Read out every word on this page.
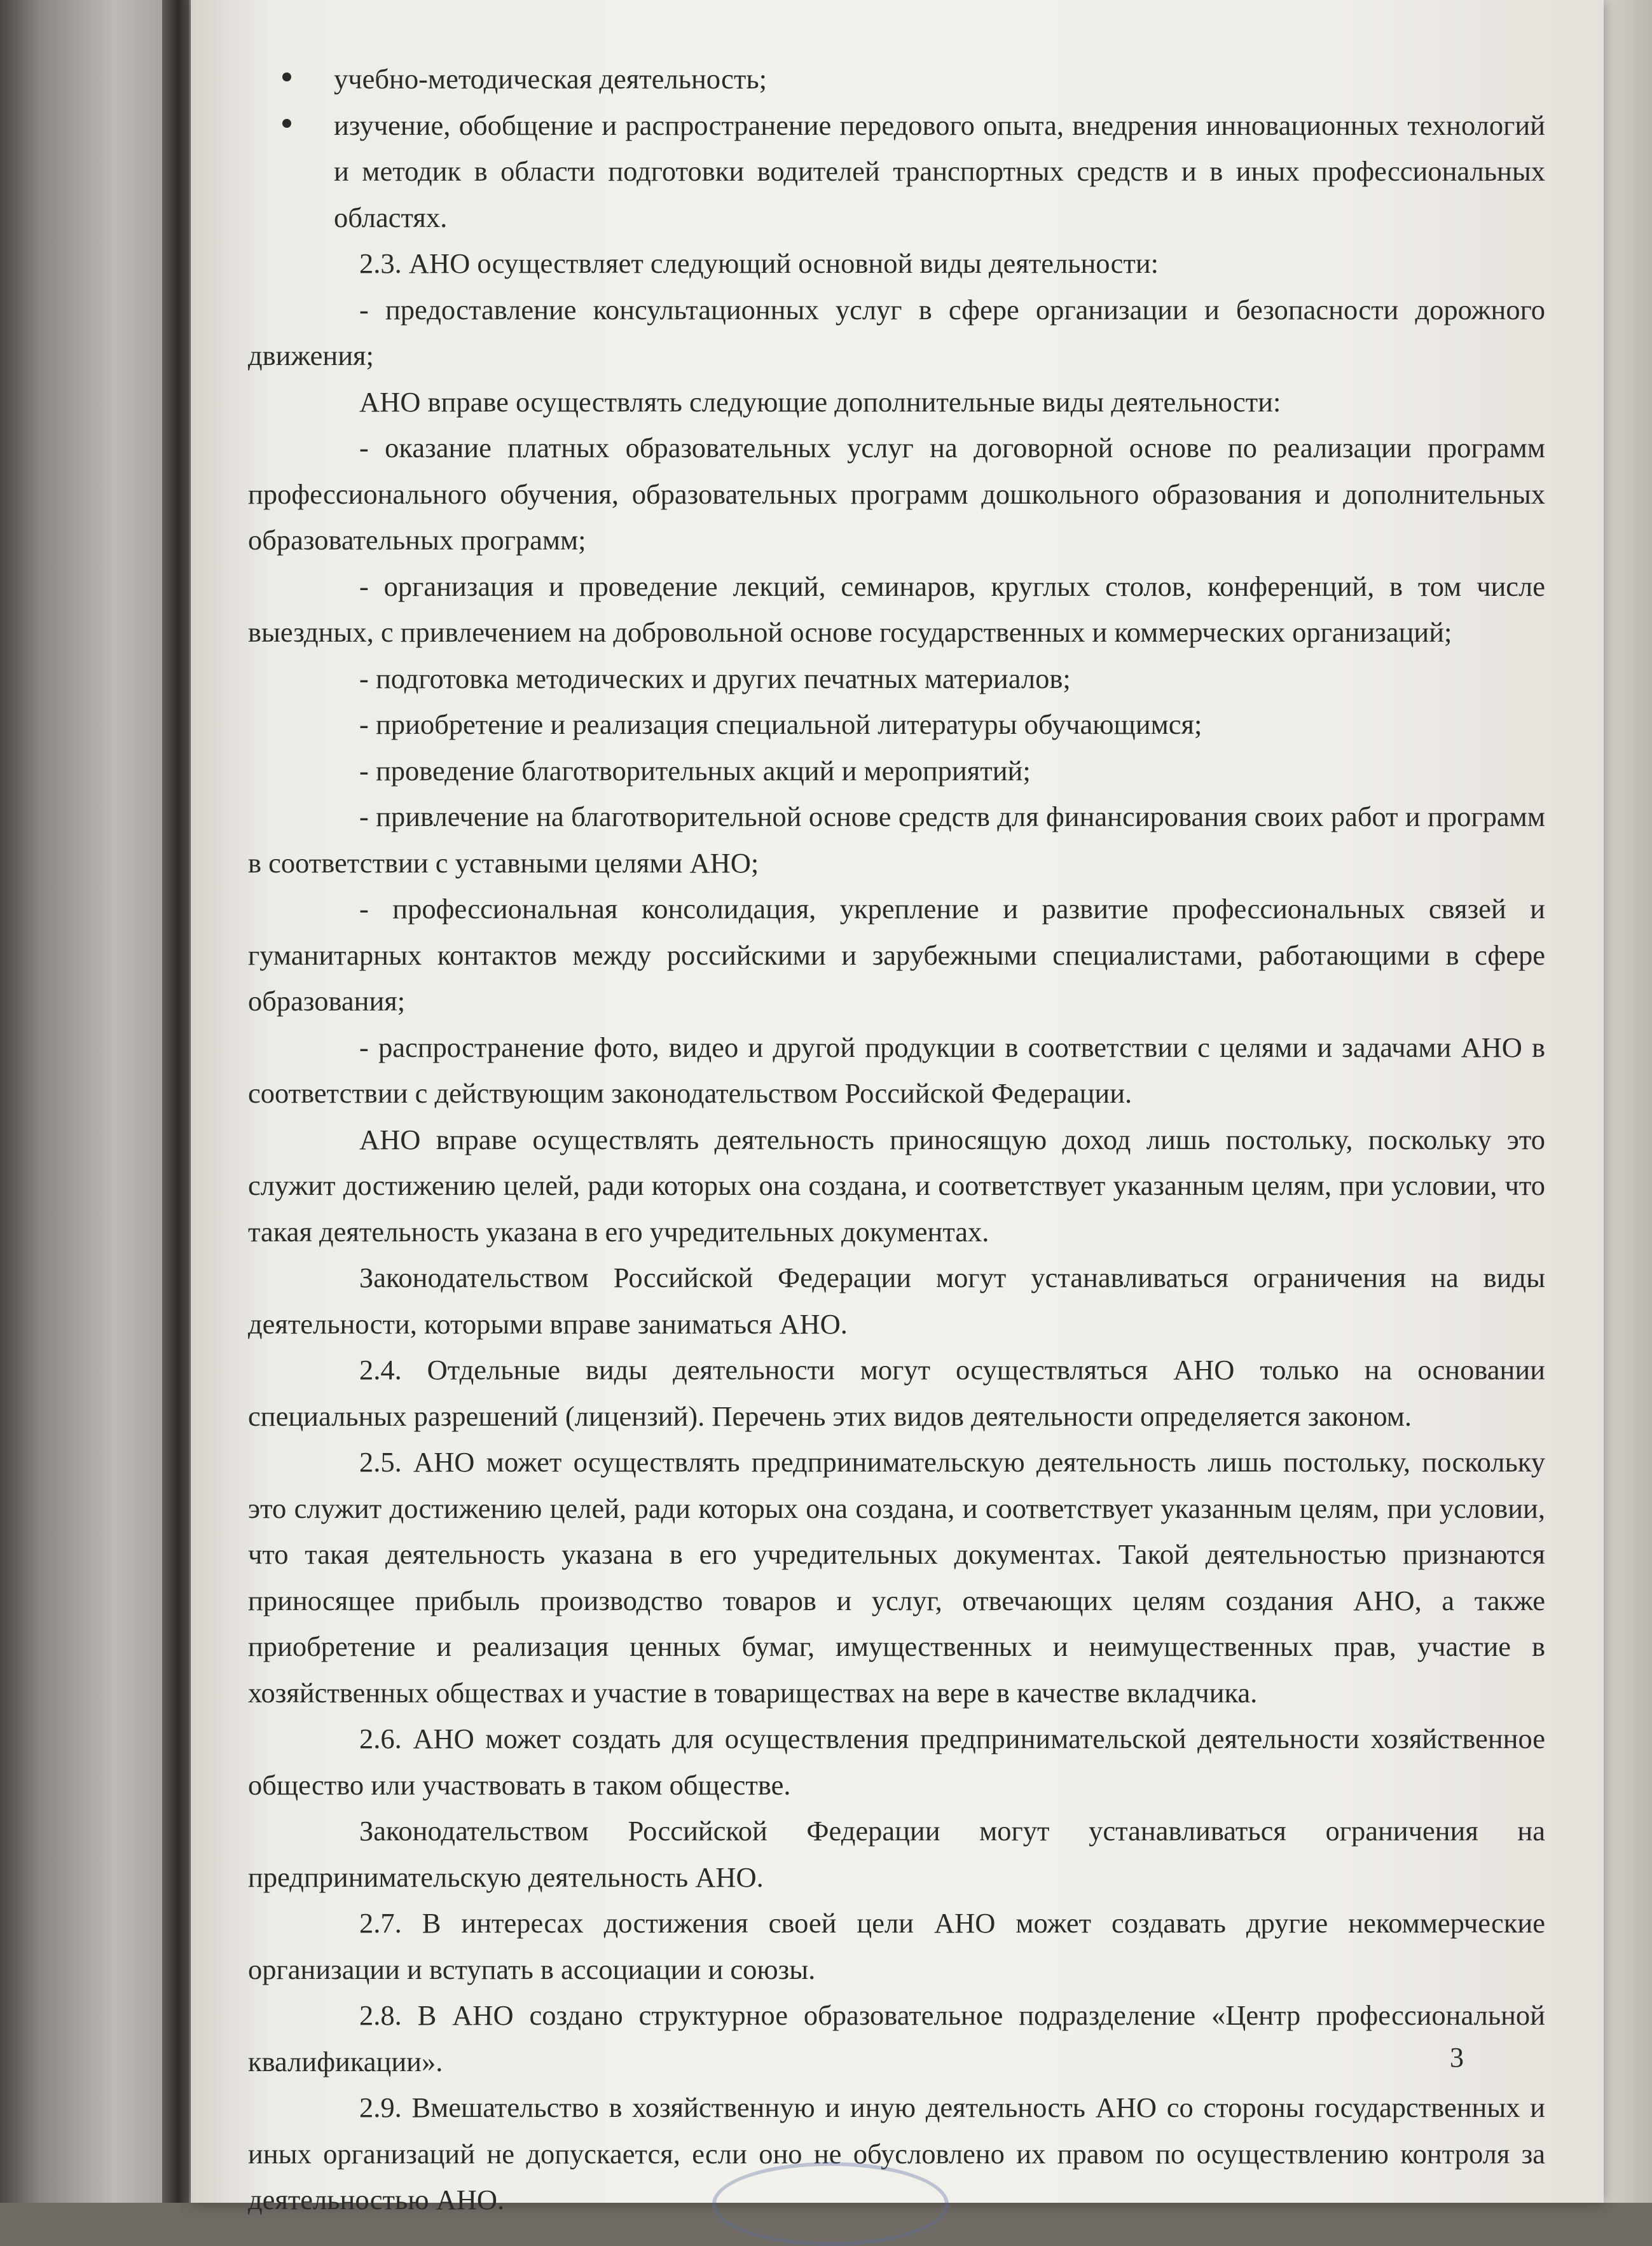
учебно-методическая деятельность;
изучение, обобщение и распространение передового опыта, внедрения инновационных технологий и методик в области подготовки водителей транспортных средств и в иных профессиональных областях.

2.3. АНО осуществляет следующий основной виды деятельности:

- предоставление консультационных услуг в сфере организации и безопасности дорожного движения;

АНО вправе осуществлять следующие дополнительные виды деятельности:

- оказание платных образовательных услуг на договорной основе по реализации программ профессионального обучения, образовательных программ дошкольного образования и дополнительных образовательных программ;

- организация и проведение лекций, семинаров, круглых столов, конференций, в том числе выездных, с привлечением на добровольной основе государственных и коммерческих организаций;

- подготовка методических и других печатных материалов;

- приобретение и реализация специальной литературы обучающимся;

- проведение благотворительных акций и мероприятий;

- привлечение на благотворительной основе средств для финансирования своих работ и программ в соответствии с уставными целями АНО;

- профессиональная консолидация, укрепление и развитие профессиональных связей и гуманитарных контактов между российскими и зарубежными специалистами, работающими в сфере образования;

- распространение фото, видео и другой продукции в соответствии с целями и задачами АНО в соответствии с действующим законодательством Российской Федерации.

АНО вправе осуществлять деятельность приносящую доход лишь постольку, поскольку это служит достижению целей, ради которых она создана, и соответствует указанным целям, при условии, что такая деятельность указана в его учредительных документах.

Законодательством Российской Федерации могут устанавливаться ограничения на виды деятельности, которыми вправе заниматься АНО.

2.4. Отдельные виды деятельности могут осуществляться АНО только на основании специальных разрешений (лицензий). Перечень этих видов деятельности определяется законом.

2.5. АНО может осуществлять предпринимательскую деятельность лишь постольку, поскольку это служит достижению целей, ради которых она создана, и соответствует указанным целям, при условии, что такая деятельность указана в его учредительных документах. Такой деятельностью признаются приносящее прибыль производство товаров и услуг, отвечающих целям создания АНО, а также приобретение и реализация ценных бумаг, имущественных и неимущественных прав, участие в хозяйственных обществах и участие в товариществах на вере в качестве вкладчика.

2.6. АНО может создать для осуществления предпринимательской деятельности хозяйственное общество или участвовать в таком обществе.

Законодательством Российской Федерации могут устанавливаться ограничения на предпринимательскую деятельность АНО.

2.7. В интересах достижения своей цели АНО может создавать другие некоммерческие организации и вступать в ассоциации и союзы.

2.8. В АНО создано структурное образовательное подразделение «Центр профессиональной квалификации».

2.9. Вмешательство в хозяйственную и иную деятельность АНО со стороны государственных и иных организаций не допускается, если оно не обусловлено их правом по осуществлению контроля за деятельностью АНО.

3
